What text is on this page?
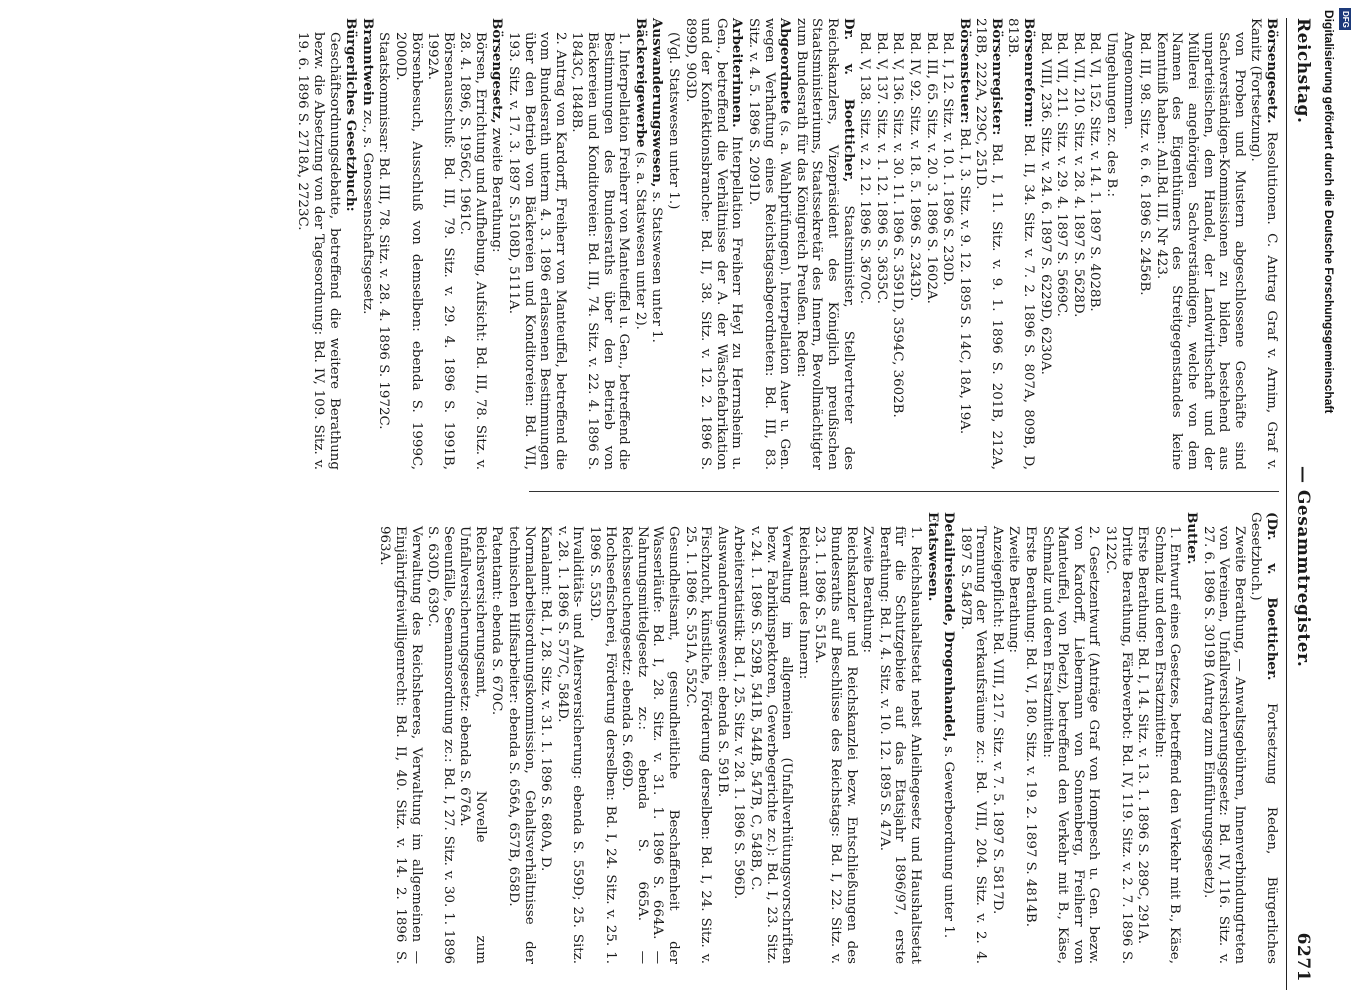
Reichstag.
— Gesammtregister.
6271
Börsengesetz. Resolutionen. C. Antrag Graf v. Arnim, Graf v. Kanitz (Fortsetzung).
von Proben und Mustern abgeschlossene Geschäfte sind Sachverständigen-Kommissionen zu bilden, bestehend aus unparteiischen, dem Handel, der Landwirthschaft und der Müllerei angehörigen Sachverständigen, welche von dem Namen des Eigenthümers des Streitgegenstandes keine Kenntniß haben: Anl.Bd. III, Nr 423.
Bd. III, 98. Sitz. v. 6. 6. 1896 S. 2456B.
Angenommen.
Umgehungen zc. des B.:
Bd. VI, 152. Sitz. v. 14. 1. 1897 S. 4028B.
Bd. VII, 210. Sitz. v. 28. 4. 1897 S. 5628D.
Bd. VII, 211. Sitz. v. 29. 4. 1897 S. 5669C.
Bd. VIII, 236. Sitz. v. 24. 6. 1897 S. 6229D, 6230A.
Börsenreform: Bd. II, 34. Sitz. v. 7. 2. 1896 S. 807A, 809B, D, 813B.
Börsenregister: Bd. I, 11. Sitz. v. 9. 1. 1896 S. 201B, 212A, 218B, 222A, 229C, 251D.
Börsensteuer: Bd. I, 3. Sitz. v. 9. 12. 1895 S. 14C, 18A, 19A.
Bd. I, 12. Sitz. v. 10. 1. 1896 S. 230D.
Bd. III, 65. Sitz. v. 20. 3. 1896 S. 1602A.
Bd. IV, 92. Sitz. v. 18. 5. 1896 S. 2343D.
Bd. V, 136. Sitz. v. 30. 11. 1896 S. 3591D, 3594C, 3602B.
Bd. V, 137. Sitz. v. 1. 12. 1896 S. 3635C.
Bd. V, 138. Sitz. v. 2. 12. 1896 S. 3670C.
Dr. v. Boetticher, Staatsminister, Stellvertreter des Reichskanzlers, Vizepräsident des Königlich preußischen Staatsministeriums, Staatssekretär des Innern, Bevollmächtigter zum Bundesrath für das Königreich Preußen. Reden:
Abgeordnete (s. a. Wahlprüfungen). Interpellation Auer u. Gen. wegen Verhaftung eines Reichstagsabgeordneten: Bd. III, 83. Sitz. v. 4. 5. 1896 S. 2091D.
Arbeiterinnen. Interpellation Freiherr Heyl zu Herrnsheim u. Gen., betreffend die Verhältnisse der A. der Wäschefabrikation und der Konfektionsbranche: Bd. II, 38. Sitz. v. 12. 2. 1896 S. 899D, 903D.
(Vgl. Statswesen unter 1.)
Auswanderungswesen, s. Statswesen unter 1.
Bäckereigewerbe (s. a. Statswesen unter 2).
1. Interpellation Freiherr von Manteuffel u. Gen., betreffend die Bestimmungen des Bundesraths über den Betrieb von Bäckereien und Konditoreien: Bd. III, 74. Sitz. v. 22. 4. 1896 S. 1843C, 1848B.
2. Antrag von Kardorff, Freiherr von Manteuffel, betreffend die vom Bundesrath unterm 4. 3. 1896 erlassenen Bestimmungen über den Betrieb von Bäckereien und Konditoreien: Bd. VII, 193. Sitz. v. 17. 3. 1897 S. 5108D, 5111A.
Börsengesetz, zweite Berathung:
Börsen, Errichtung und Aufhebung, Aufsicht: Bd. III, 78. Sitz. v. 28. 4. 1896, S. 1956C, 1961C.
Börsenausschuß: Bd. III, 79. Sitz. v. 29. 4. 1896 S. 1991B, 1992A.
Börsenbesuch, Ausschluß von demselben: ebenda S. 1999C, 2000D.
Staatskommissar: Bd. III, 78. Sitz. v. 28. 4. 1896 S. 1972C.
Branntwein zc., s. Genossenschaftsgesetz.
Bürgerliches Gesetzbuch:
Geschäftsordnungsdebatte, betreffend die weitere Berathung bezw. die Absetzung von der Tagesordnung: Bd. IV, 109. Sitz. v. 19. 6. 1896 S. 2718A, 2723C.
(Dr. v. Boetticher. Fortsetzung Reden, Bürgerliches Gesetzbuch.)
Zweite Berathung, — Anwaltsgebühren, Innenverbindungtreten von Vereinen, Unfallversicherungsgesetz: Bd. IV, 116. Sitz. v. 27. 6. 1896 S. 3019B (Antrag zum Einführungsgesetz).
Butter.
1. Entwurf eines Gesetzes, betreffend den Verkehr mit B., Käse, Schmalz und deren Ersatzmitteln:
Erste Berathung: Bd. I, 14. Sitz. v. 13. 1. 1896 S. 289C, 291A.
Dritte Berathung, Färbeverbot: Bd. IV, 119. Sitz. v. 2. 7. 1896 S. 3122C.
2. Gesetzentwurf (Anträge Graf von Hompesch u. Gen. bezw. von Kardorff, Liebermann von Sonnenberg, Freiherr von Manteuffel, von Ploetz), betreffend den Verkehr mit B., Käse, Schmalz und deren Ersatzmitteln:
Erste Berathung: Bd. VI, 180. Sitz. v. 19. 2. 1897 S. 4814B.
Zweite Berathung:
Anzeigepflicht: Bd. VIII, 217. Sitz. v. 7. 5. 1897 S. 5817D.
Trennung der Verkaufsräume zc.: Bd. VIII, 204. Sitz. v. 2. 4. 1897 S. 5487B.
Detailreisende, Drogenhandel, s. Gewerbeordnung unter 1.
Etatswesen.
1. Reichshaushaltsetat nebst Anleihegesetz und Haushaltsetat für die Schutzgebiete auf das Etatsjahr 1896/97, erste Berathung: Bd. I, 4. Sitz. v. 10. 12. 1895 S. 47A.
Zweite Berathung:
Reichskanzler und Reichskanzlei bezw. Entschließungen des Bundesraths auf Beschlüsse des Reichstags: Bd. I, 22. Sitz. v. 23. 1. 1896 S. 515A.
Reichsamt des Innern:
Verwaltung im allgemeinen (Unfallverhütungsvorschriften bezw. Fabrikinspektoren, Gewerbegerichte zc.): Bd. I, 23. Sitz. v. 24. 1. 1896 S. 529B, 541B, 544B, 547B, C, 548B, C.
Arbeiterstatistik: Bd. I, 25. Sitz. v. 28. 1. 1896 S. 596D.
Auswanderungswesen: ebenda S. 591B.
Fischzucht, künstliche, Förderung derselben: Bd. I, 24. Sitz. v. 25. 1. 1896 S. 551A, 552C.
Gesundheitsamt, gesundheitliche Beschaffenheit der Wasserläufe: Bd. I, 28. Sitz. v. 31. 1. 1896 S. 664A. — Nahrungsmittelgesetz zc.: ebenda S. 665A. — Reichsseuchengesetz: ebenda S. 669D.
Hochseefischerei, Förderung derselben: Bd. I, 24. Sitz. v. 25. 1. 1896 S. 553D.
Invaliditäts- und Altersversicherung: ebenda S. 559D; 25. Sitz. v. 28. 1. 1896 S. 577C, 584D.
Kanalamt: Bd. I, 28. Sitz. v. 31. 1. 1896 S. 680A, D.
Normalarbeitsordnungskommission, Gehaltsverhältnisse der technischen Hilfsarbeiter: ebenda S. 656A, 657B, 658D.
Patentamt: ebenda S. 670C.
Reichsversicherungsamt, Novelle zum Unfallversicherungsgesetz: ebenda S. 676A.
Seeunfälle, Seemannsordnung zc.: Bd. I, 27. Sitz. v. 30. 1. 1896 S. 630D, 639C.
Verwaltung des Reichsheeres, Verwaltung im allgemeinen — Einjährigfreiwilligenrecht: Bd. II, 40. Sitz. v. 14. 2. 1896 S. 963A.
Digitalisierung gefördert durch die Deutsche Forschungsgemeinschaft DFG
